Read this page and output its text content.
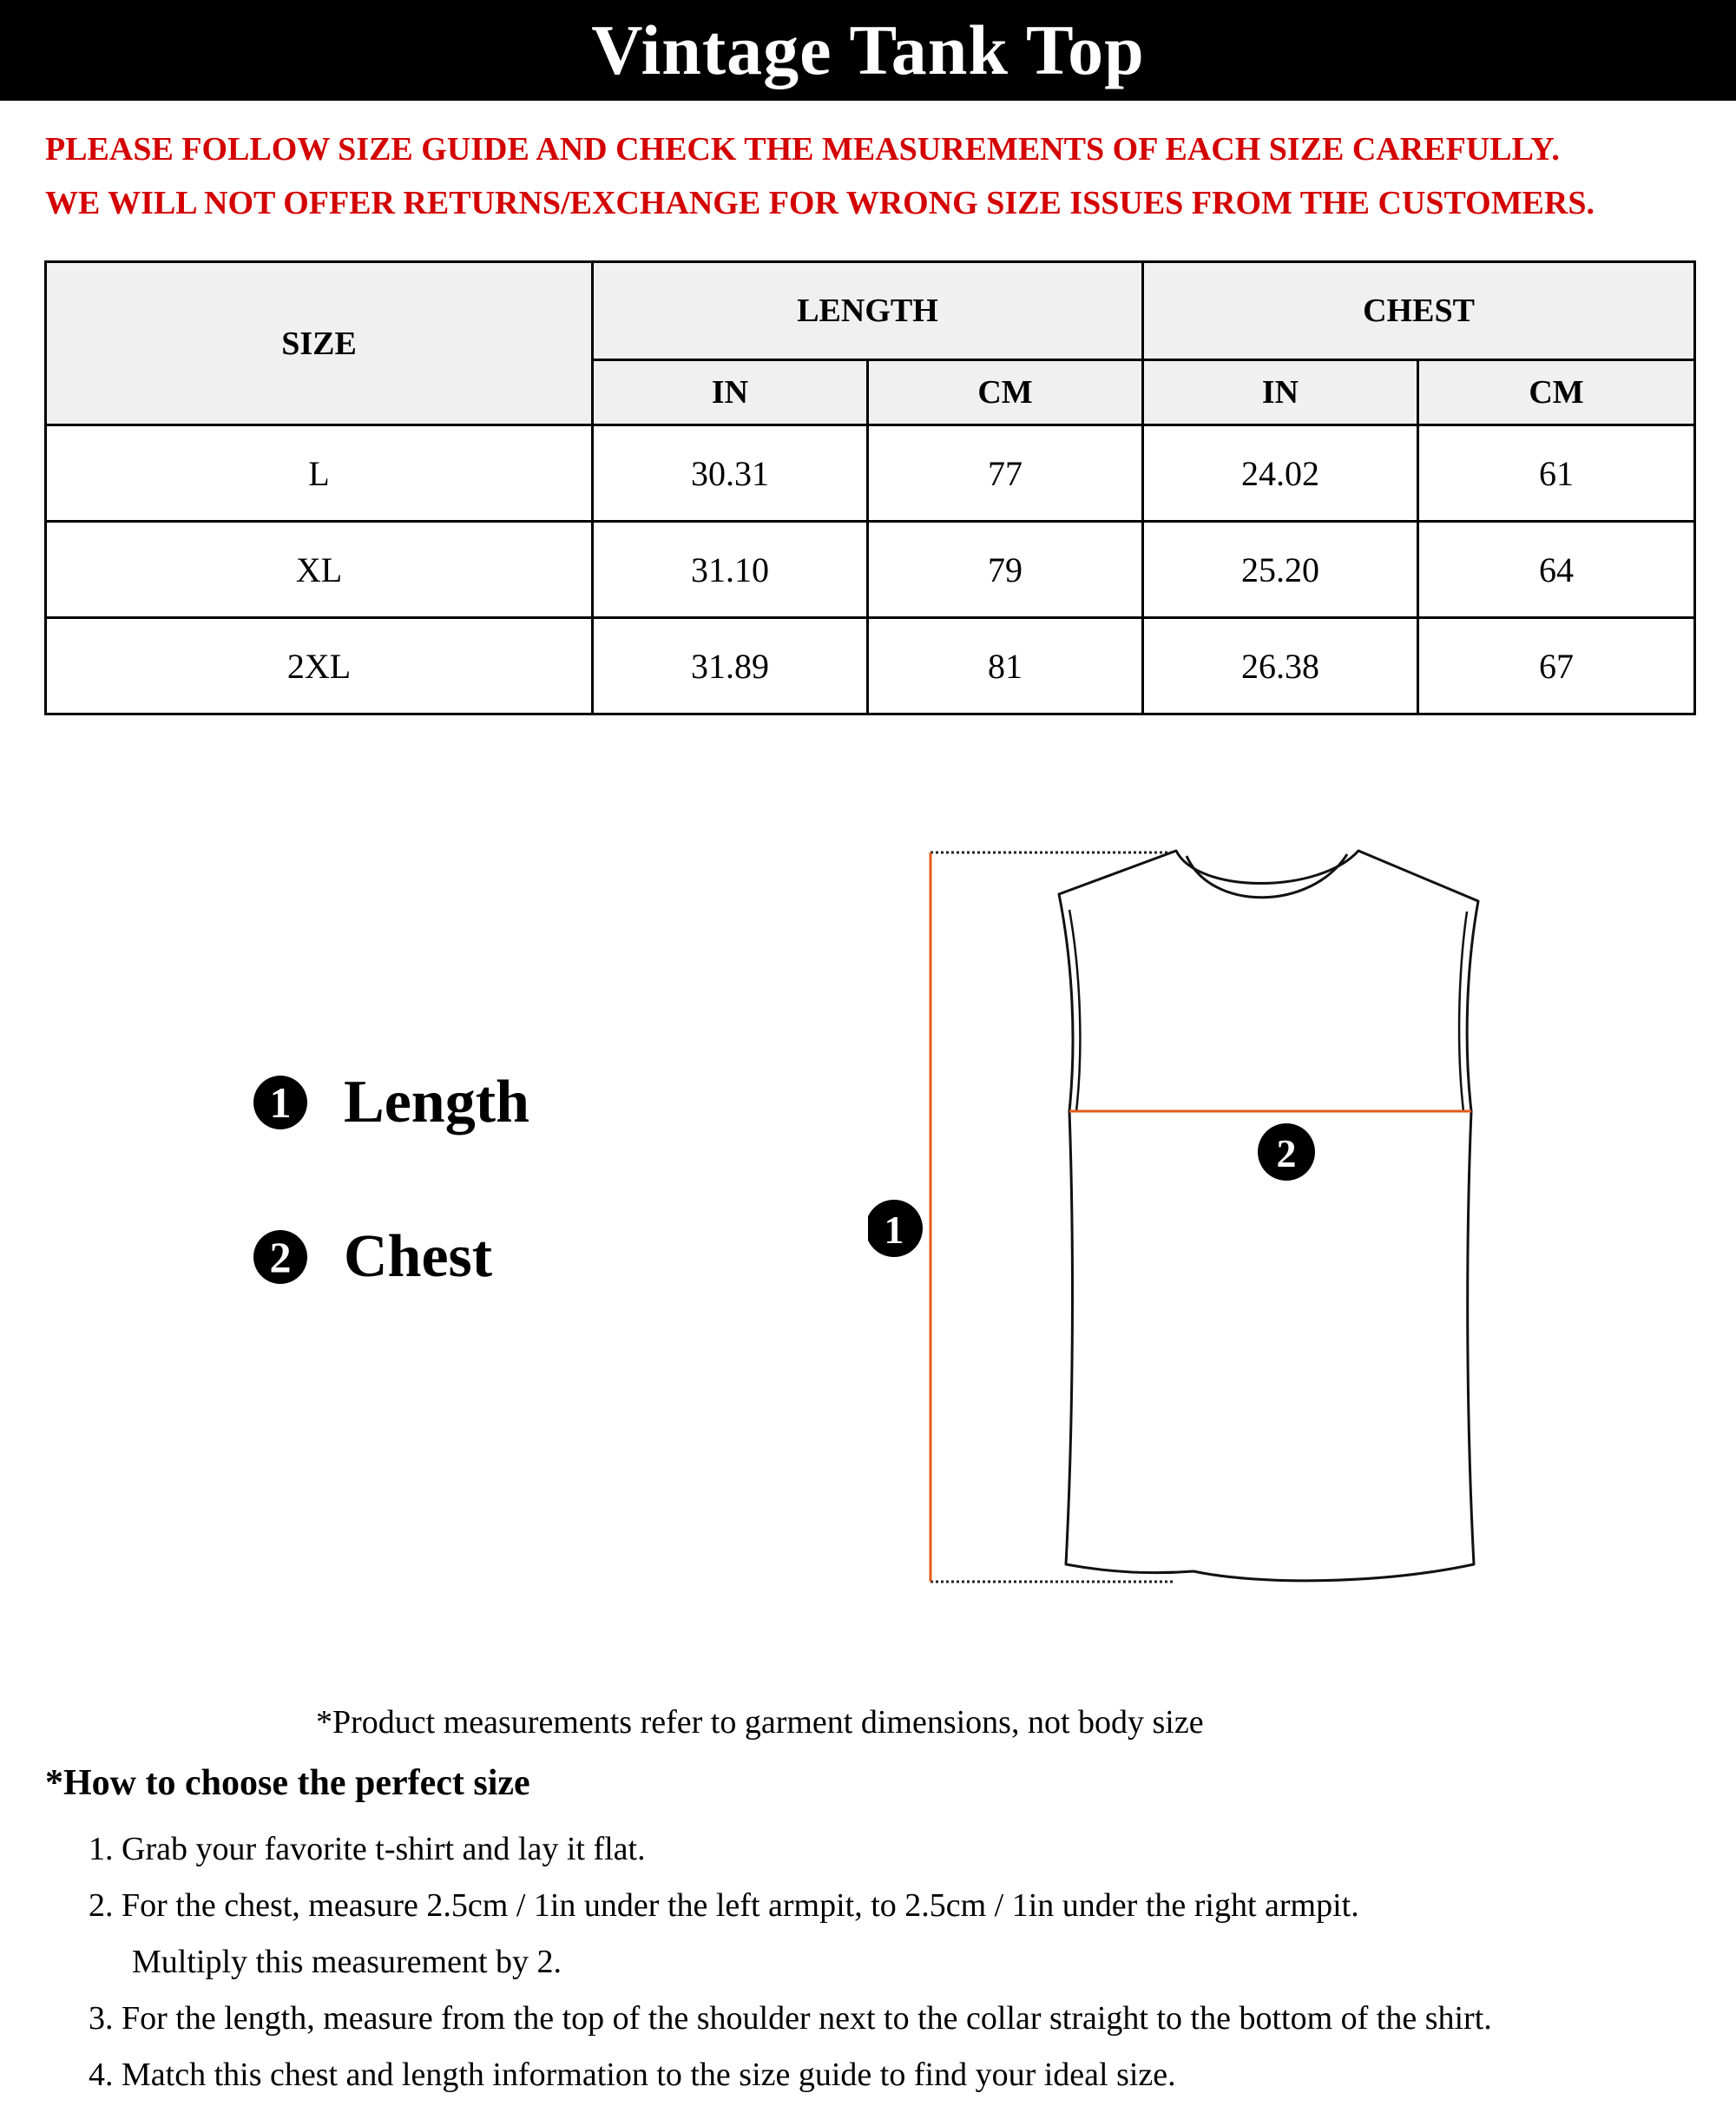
Vintage Tank Top
PLEASE FOLLOW SIZE GUIDE AND CHECK THE MEASUREMENTS OF EACH SIZE CAREFULLY.
WE WILL NOT OFFER RETURNS/EXCHANGE FOR WRONG SIZE ISSUES FROM THE CUSTOMERS.
SIZE	LENGTH		CHEST	
	IN	CM	IN	CM
L	30.31	77	24.02	61
XL	31.10	79	25.20	64
2XL	31.89	81	26.38	67
1 Length
2 Chest
2
1
*Product measurements refer to garment dimensions, not body size
*How to choose the perfect size
1. Grab your favorite t-shirt and lay it flat.
2. For the chest, measure 2.5cm / 1in under the left armpit, to 2.5cm / 1in under the right armpit.
Multiply this measurement by 2.
3. For the length, measure from the top of the shoulder next to the collar straight to the bottom of the shirt.
4. Match this chest and length information to the size guide to find your ideal size.
